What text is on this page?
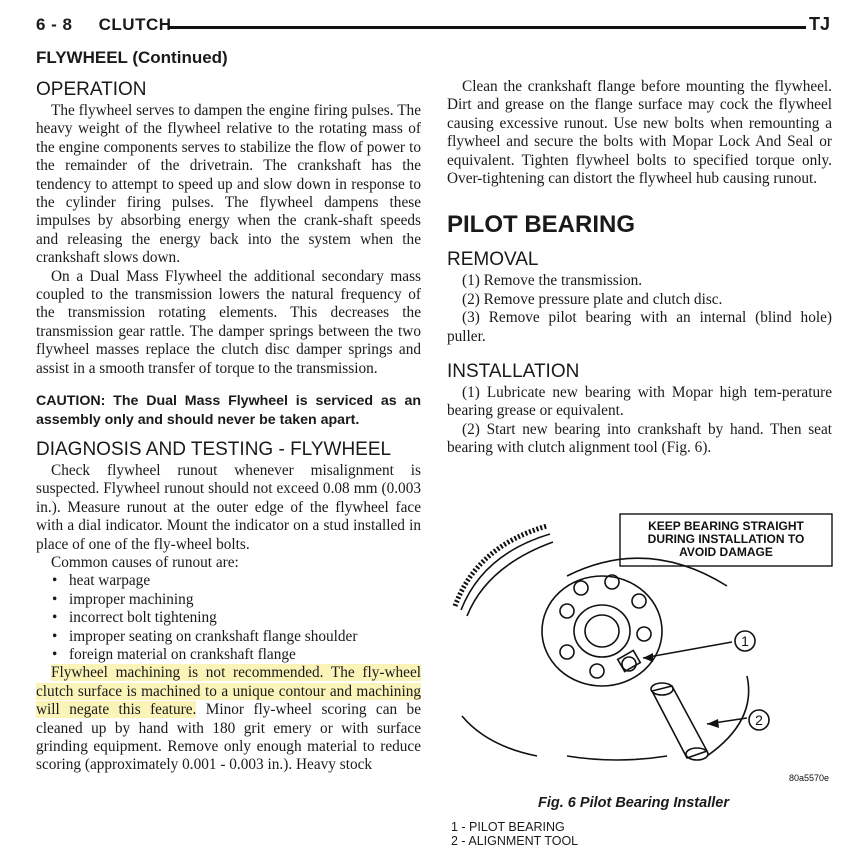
6 - 8     CLUTCH	TJ
FLYWHEEL (Continued)
OPERATION

The flywheel serves to dampen the engine firing pulses. The heavy weight of the flywheel relative to the rotating mass of the engine components serves to stabilize the flow of power to the remainder of the drivetrain. The crankshaft has the tendency to attempt to speed up and slow down in response to the cylinder firing pulses. The flywheel dampens these impulses by absorbing energy when the crank-shaft speeds and releasing the energy back into the system when the crankshaft slows down.

On a Dual Mass Flywheel the additional secondary mass coupled to the transmission lowers the natural frequency of the transmission rotating elements. This decreases the transmission gear rattle. The damper springs between the two flywheel masses replace the clutch disc damper springs and assist in a smooth transfer of torque to the transmission.

CAUTION: The Dual Mass Flywheel is serviced as an assembly only and should never be taken apart.
DIAGNOSIS AND TESTING - FLYWHEEL

Check flywheel runout whenever misalignment is suspected. Flywheel runout should not exceed 0.08 mm (0.003 in.). Measure runout at the outer edge of the flywheel face with a dial indicator. Mount the indicator on a stud installed in place of one of the fly-wheel bolts.

Common causes of runout are:

• heat warpage
• improper machining
• incorrect bolt tightening
• improper seating on crankshaft flange shoulder
• foreign material on crankshaft flange

Flywheel machining is not recommended. The fly-wheel clutch surface is machined to a unique contour and machining will negate this feature. Minor fly-wheel scoring can be cleaned up by hand with 180 grit emery or with surface grinding equipment. Remove only enough material to reduce scoring (approximately 0.001 - 0.003 in.). Heavy stock

Clean the crankshaft flange before mounting the flywheel. Dirt and grease on the flange surface may cock the flywheel causing excessive runout. Use new bolts when remounting a flywheel and secure the bolts with Mopar Lock And Seal or equivalent. Tighten flywheel bolts to specified torque only. Over-tightening can distort the flywheel hub causing runout.

PILOT BEARING
REMOVAL

(1) Remove the transmission.

(2) Remove pressure plate and clutch disc.

(3) Remove pilot bearing with an internal (blind hole) puller.

INSTALLATION

(1) Lubricate new bearing with Mopar high tem-perature bearing grease or equivalent.

(2) Start new bearing into crankshaft by hand. Then seat bearing with clutch alignment tool (Fig. 6).

KEEP BEARING STRAIGHT
DURING INSTALLATION TO
AVOID DAMAGE
1
2
80a5570e
Fig. 6 Pilot Bearing Installer
1 - PILOT BEARING
2 - ALIGNMENT TOOL
